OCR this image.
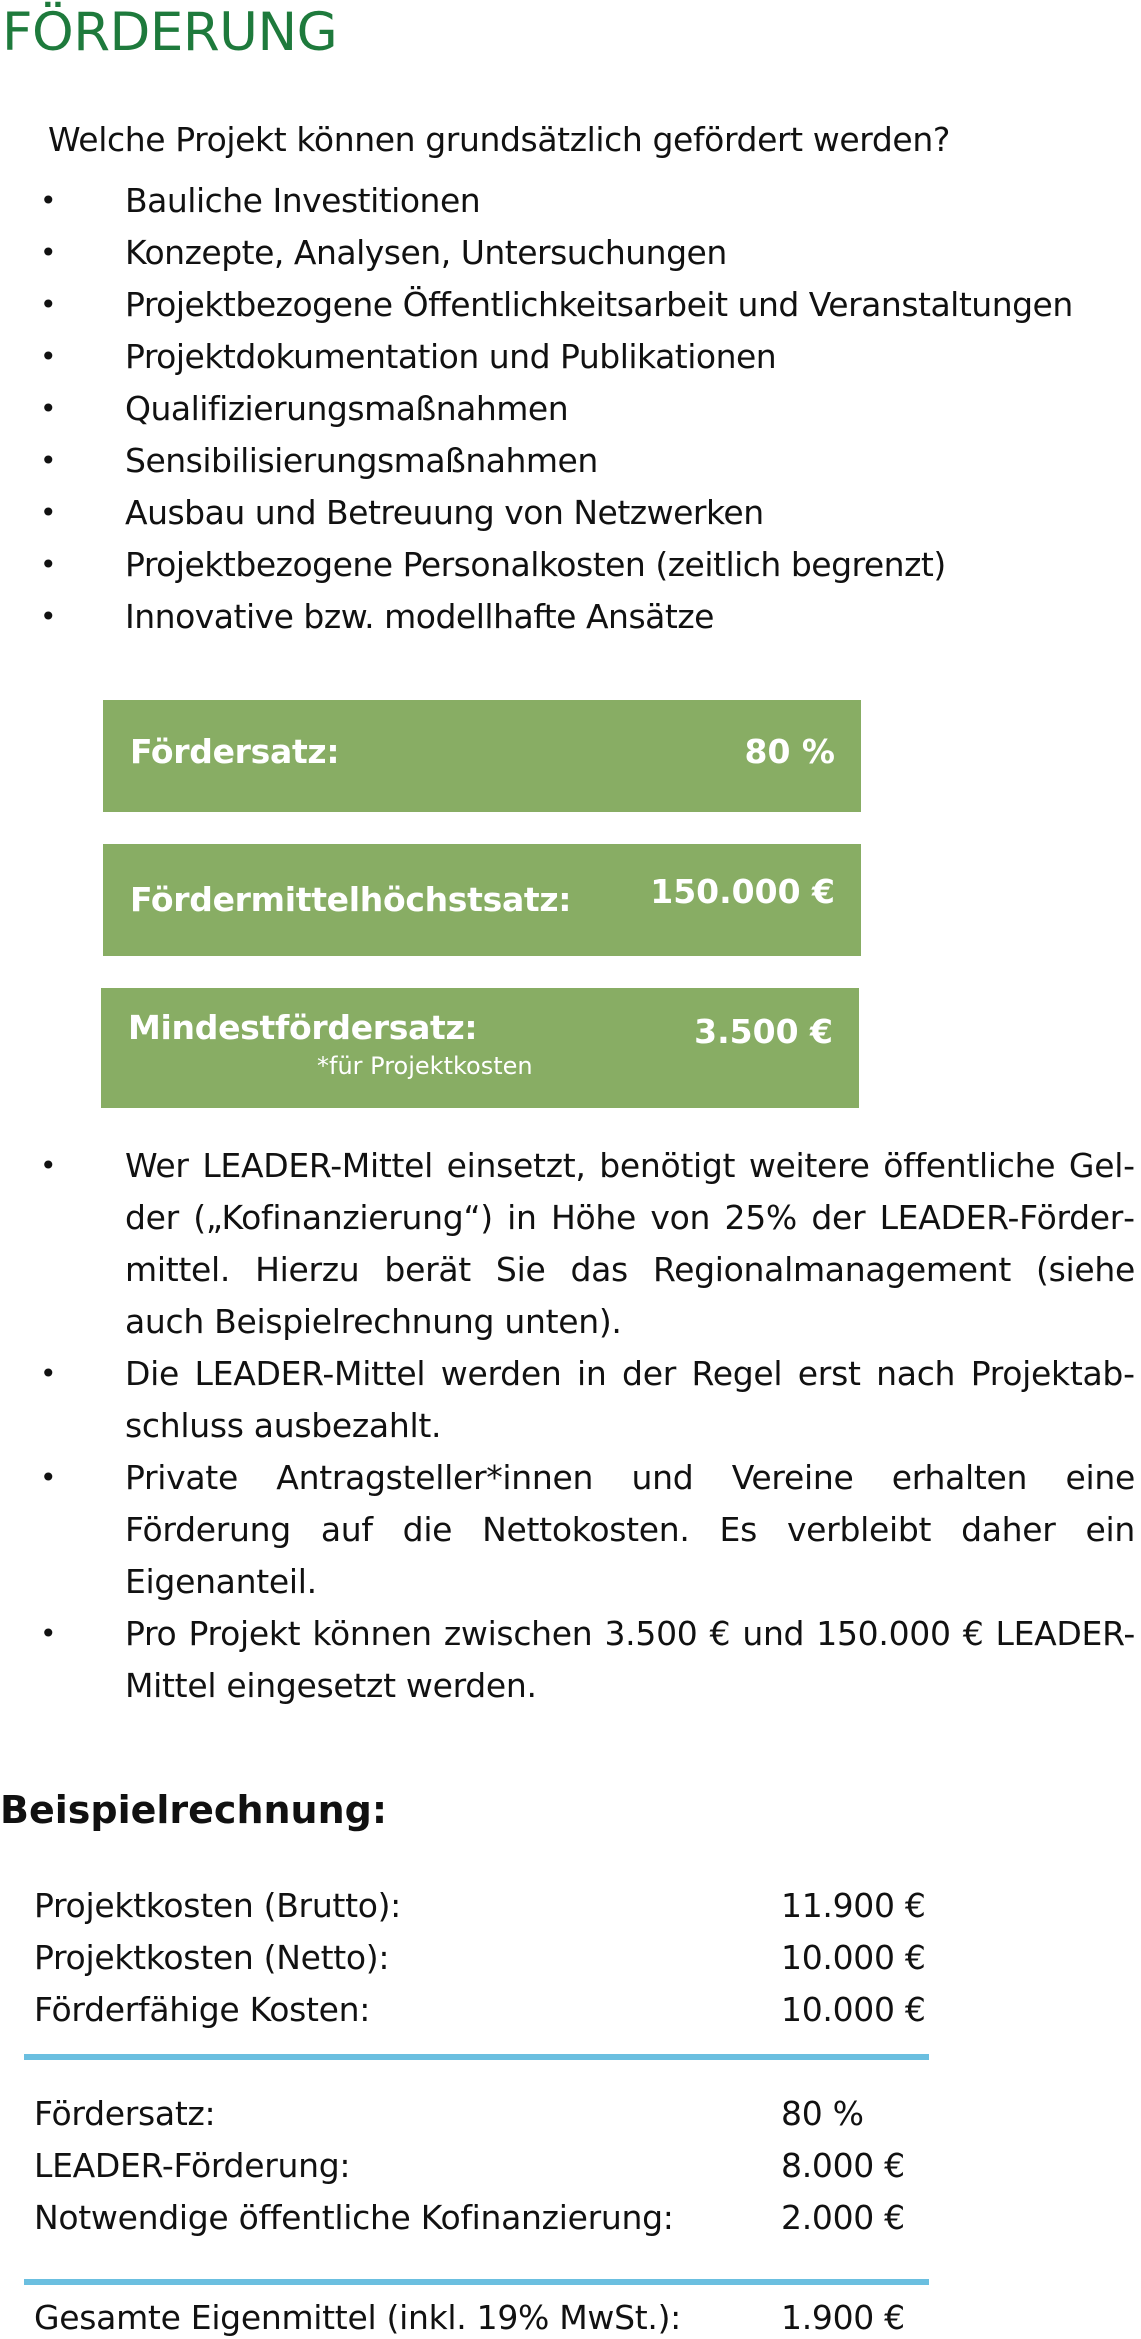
FÖRDERUNG
Welche Projekt können grundsätzlich gefördert werden?
• Bauliche Investitionen
• Konzepte, Analysen, Untersuchungen
• Projektbezogene Öffentlichkeitsarbeit und Veranstaltungen
• Projektdokumentation und Publikationen
• Qualifizierungsmaßnahmen
• Sensibilisierungsmaßnahmen
• Ausbau und Betreuung von Netzwerken
• Projektbezogene Personalkosten (zeitlich begrenzt)
• Innovative bzw. modellhafte Ansätze
Fördersatz:	80 %
Fördermittelhöchstsatz: 150.000 €
Mindestfördersatz:	3.500 €
*für Projektkosten
• Wer LEADER-Mittel einsetzt, benötigt weitere öffentliche Gelder („Kofinanzierung“) in Höhe von 25% der LEADER-Fördermittel. Hierzu berät Sie das Regionalmanagement (siehe auch Beispielrechnung unten).
• Die LEADER-Mittel werden in der Regel erst nach Projektabschluss ausbezahlt.
• Private Antragsteller*innen und Vereine erhalten eine Förderung auf die Nettokosten. Es verbleibt daher ein Eigenanteil.
• Pro Projekt können zwischen 3.500 € und 150.000 € LEADER-Mittel eingesetzt werden.
Beispielrechnung:
Projektkosten (Brutto):	11.900 €
Projektkosten (Netto):	10.000 €
Förderfähige Kosten:	10.000 €
Fördersatz:	80 %
LEADER-Förderung:	8.000 €
Notwendige öffentliche Kofinanzierung:	2.000 €
Gesamte Eigenmittel (inkl. 19% MwSt.):	1.900 €
